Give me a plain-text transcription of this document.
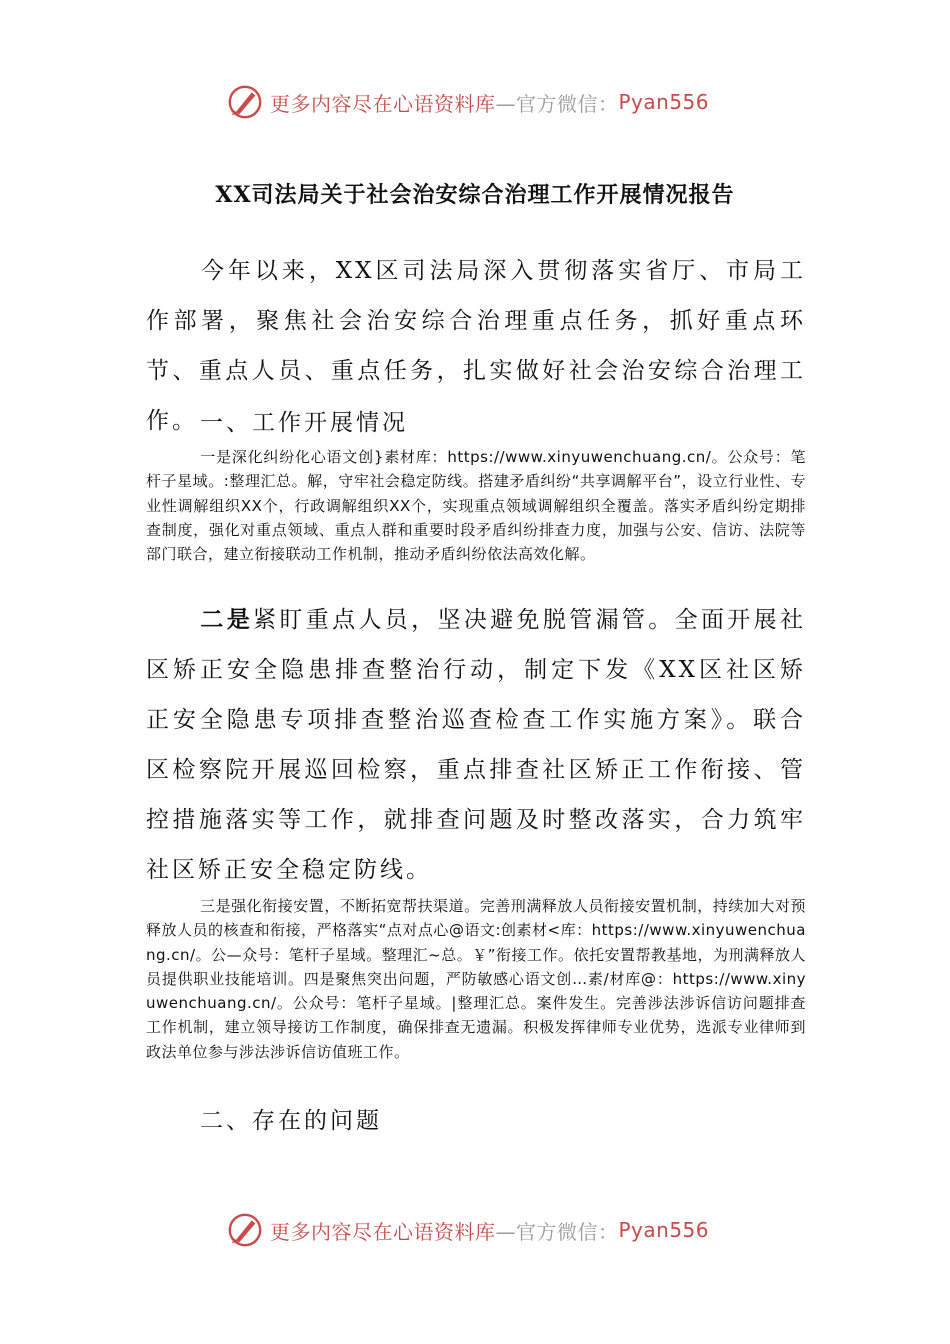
更多内容尽在心语资料库 —官方微信： Pyan556
XX司法局关于社会治安综合治理工作开展情况报告
今年以来，XX区司法局深入贯彻落实省厅、市局工作部署，聚焦社会治安综合治理重点任务，抓好重点环节、重点人员、重点任务，扎实做好社会治安综合治理工作。 一、工作开展情况
一是深化纠纷化心语文创}素材库：https://www.xinyuwenchuang.cn/。公众号：笔杆子星域。:整理汇总。解，守牢社会稳定防线。搭建矛盾纠纷“共享调解平台”，设立行业性、专业性调解组织XX个，行政调解组织XX个，实现重点领域调解组织全覆盖。落实矛盾纠纷定期排查制度，强化对重点领域、重点人群和重要时段矛盾纠纷排查力度，加强与公安、信访、法院等部门联合，建立衔接联动工作机制，推动矛盾纠纷依法高效化解。
二是紧盯重点人员，坚决避免脱管漏管。全面开展社区矫正安全隐患排查整治行动，制定下发《XX区社区矫正安全隐患专项排查整治巡查检查工作实施方案》。联合区检察院开展巡回检察，重点排查社区矫正工作衔接、管控措施落实等工作，就排查问题及时整改落实，合力筑牢社区矫正安全稳定防线。
三是强化衔接安置，不断拓宽帮扶渠道。完善刑满释放人员衔接安置机制，持续加大对预释放人员的核查和衔接，严格落实“点对点心@语文:创素材<库：https://www.xinyuwenchuang.cn/。公—众号：笔杆子星域。整理汇~总。￥”衔接工作。依托安置帮教基地，为刑满释放人员提供职业技能培训。四是聚焦突出问题，严防敏感心语文创…素/材库@：https://www.xinyuwenchuang.cn/。公众号：笔杆子星域。|整理汇总。案件发生。完善涉法涉诉信访问题排查工作机制，建立领导接访工作制度，确保排查无遗漏。积极发挥律师专业优势，选派专业律师到政法单位参与涉法涉诉信访值班工作。
二、存在的问题
更多内容尽在心语资料库 —官方微信： Pyan556
